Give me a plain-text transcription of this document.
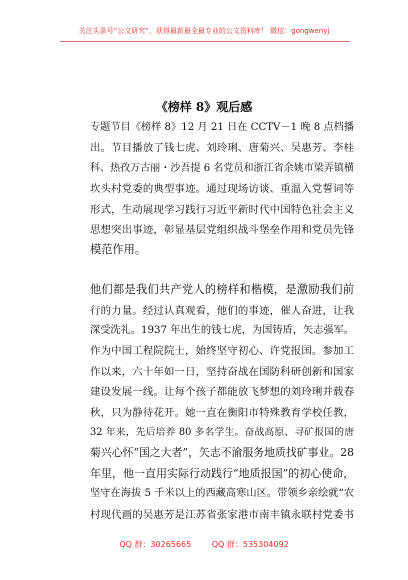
关注头条号“公文研究”，获得最新最全最专业的公文资料库！ 微信：gongwenyj
《榜样 8》观后感
专题节目《榜样 8》12 月 21 日在 CCTV－1 晚 8 点档播
出。节目播放了钱七虎、刘玲琍、唐菊兴、吴惠芳、李桂
科、热孜万古丽・沙吾提 6 名党员和浙江省余姚市梁弄镇横
坎头村党委的典型事迹。通过现场访谈、重温入党誓词等
形式，生动展现学习践行习近平新时代中国特色社会主义
思想突出事迹，彰显基层党组织战斗堡垒作用和党员先锋
模范作用。
他们都是我们共产党人的榜样和楷模，是激励我们前
行的力量。经过认真观看，他们的事迹，催人奋进，让我
深受洗礼。1937 年出生的钱七虎，为国铸盾，矢志强军。
作为中国工程院院士，始终坚守初心、许党报国。参加工
作以来，六十年如一日，坚持奋战在国防科研创新和国家
建设发展一线。让每个孩子都能放飞梦想的刘玲琍并载春
秋，只为静待花开。她一直在衡阳市特殊教育学校任教，
32 年来，先后培养 80 多名学生。奋战高原、寻矿报国的唐
菊兴心怀“国之大者”，矢志不渝服务地质找矿事业。28
年里，他一直用实际行动践行“地质报国”的初心使命，
坚守在海拔 5 千米以上的西藏高寒山区。带领乡亲绘就“农
村现代画的吴惠芳是江苏省张家港市南丰镇永联村党委书
QQ 群：30265665	QQ 群：535304092
